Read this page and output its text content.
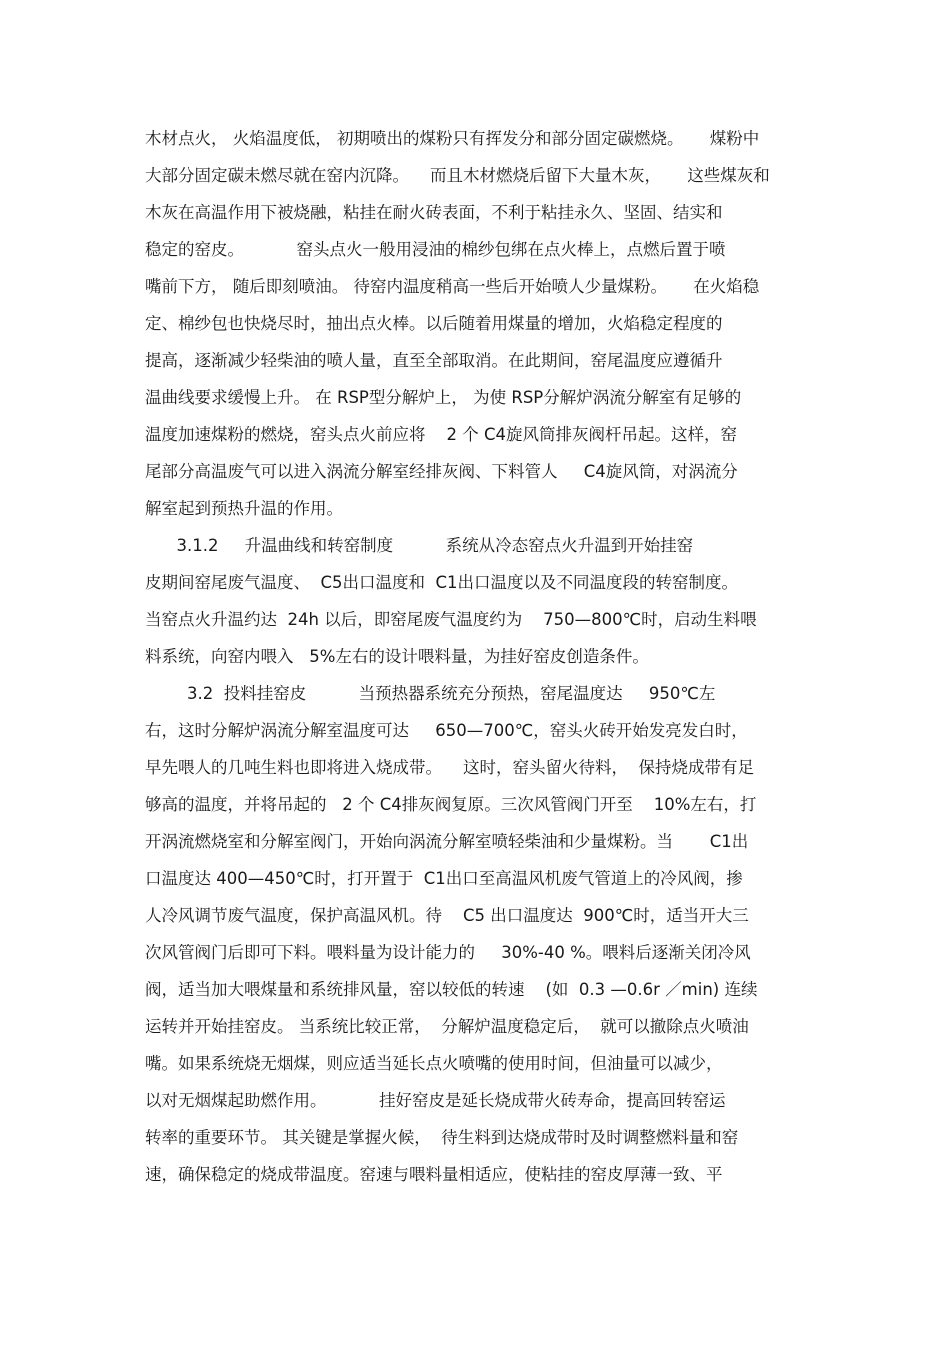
木材点火， 火焰温度低， 初期喷出的煤粉只有挥发分和部分固定碳燃烧。     煤粉中
大部分固定碳未燃尽就在窑内沉降。    而且木材燃烧后留下大量木灰，     这些煤灰和
木灰在高温作用下被烧融，粘挂在耐火砖表面，不利于粘挂永久、坚固、结实和
稳定的窑皮。          窑头点火一般用浸油的棉纱包绑在点火棒上，点燃后置于喷
嘴前下方， 随后即刻喷油。 待窑内温度稍高一些后开始喷人少量煤粉。     在火焰稳
定、棉纱包也快烧尽时，抽出点火棒。以后随着用煤量的增加，火焰稳定程度的
提高，逐渐减少轻柴油的喷人量，直至全部取消。在此期间，窑尾温度应遵循升
温曲线要求缓慢上升。 在 RSP型分解炉上， 为使 RSP分解炉涡流分解室有足够的
温度加速煤粉的燃烧，窑头点火前应将    2 个 C4旋风筒排灰阀杆吊起。这样，窑
尾部分高温废气可以进入涡流分解室经排灰阀、下料管人     C4旋风筒，对涡流分
解室起到预热升温的作用。
3.1.2     升温曲线和转窑制度          系统从冷态窑点火升温到开始挂窑
皮期间窑尾废气温度、  C5出口温度和  C1出口温度以及不同温度段的转窑制度。
当窑点火升温约达  24h 以后，即窑尾废气温度约为    750—800℃时，启动生料喂
料系统，向窑内喂入   5%左右的设计喂料量，为挂好窑皮创造条件。
3.2  投料挂窑皮          当预热器系统充分预热，窑尾温度达     950℃左
右，这时分解炉涡流分解室温度可达     650—700℃，窑头火砖开始发亮发白时，
早先喂人的几吨生料也即将进入烧成带。    这时，窑头留火待料，  保持烧成带有足
够高的温度，并将吊起的   2 个 C4排灰阀复原。三次风管阀门开至    10%左右，打
开涡流燃烧室和分解室阀门，开始向涡流分解室喷轻柴油和少量煤粉。当       C1出
口温度达 400—450℃时，打开置于  C1出口至高温风机废气管道上的冷风阀，掺
人冷风调节废气温度，保护高温风机。待    C5 出口温度达  900℃时，适当开大三
次风管阀门后即可下料。喂料量为设计能力的     30%-40 %。喂料后逐渐关闭冷风
阀，适当加大喂煤量和系统排风量，窑以较低的转速    (如  0.3 —0.6r ／min) 连续
运转并开始挂窑皮。 当系统比较正常，  分解炉温度稳定后，  就可以撤除点火喷油
嘴。如果系统烧无烟煤，则应适当延长点火喷嘴的使用时间，但油量可以减少，
以对无烟煤起助燃作用。          挂好窑皮是延长烧成带火砖寿命，提高回转窑运
转率的重要环节。 其关键是掌握火候，  待生料到达烧成带时及时调整燃料量和窑
速，确保稳定的烧成带温度。窑速与喂料量相适应，使粘挂的窑皮厚薄一致、平
